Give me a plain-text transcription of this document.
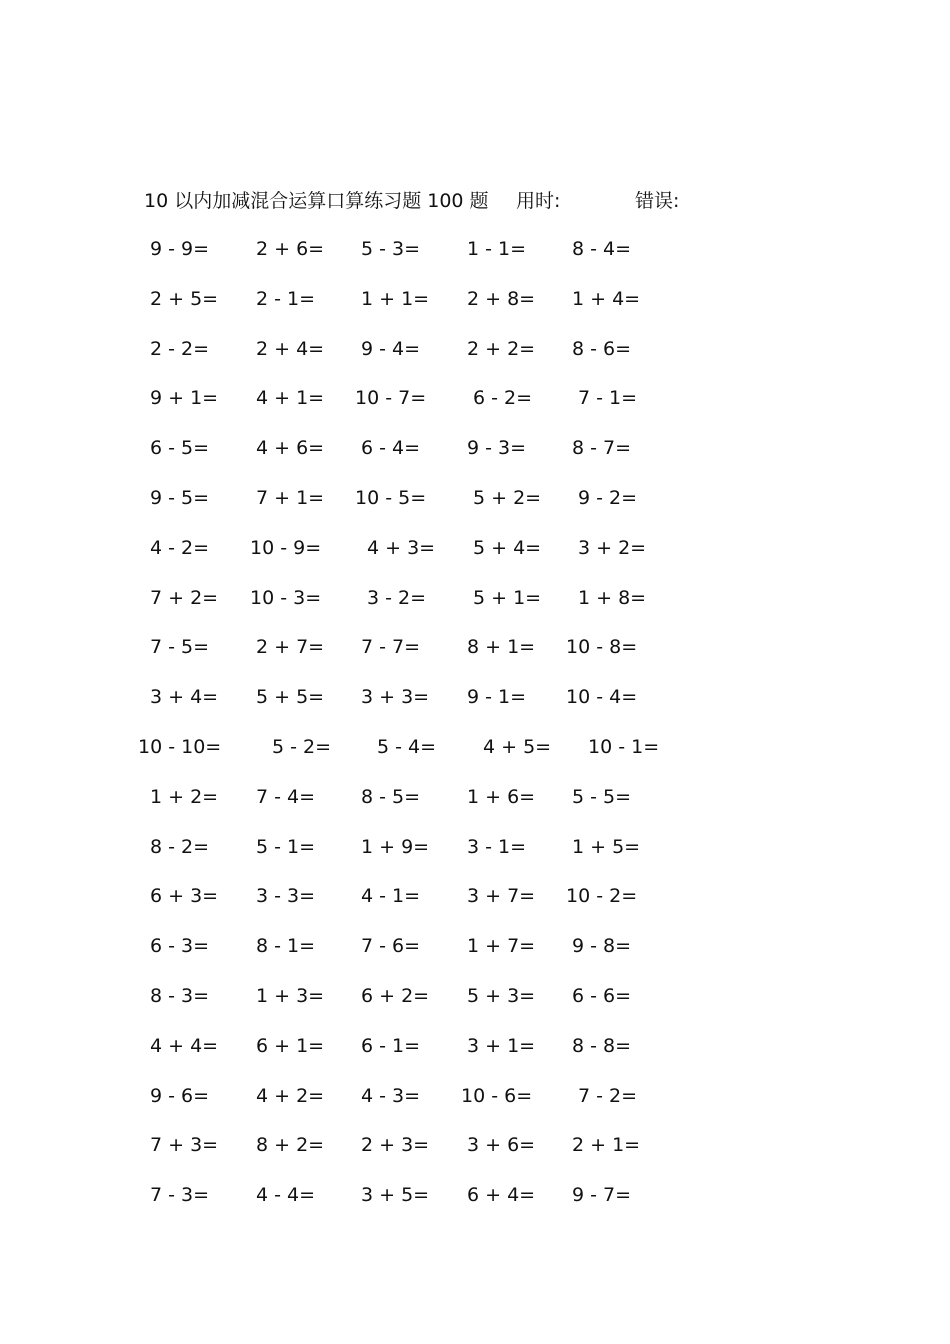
10 以内加减混合运算口算练习题 100 题 用时:	错误:
9 - 9=	2 + 6=	5 - 3=	1 - 1=	8 - 4=
2 + 5=	2 - 1=	1 + 1=	2 + 8=	1 + 4=
2 - 2=	2 + 4=	9 - 4=	2 + 2=	8 - 6=
9 + 1=	4 + 1=	10 - 7=	6 - 2=	7 - 1=
6 - 5=	4 + 6=	6 - 4=	9 - 3=	8 - 7=
9 - 5=	7 + 1=	10 - 5=	5 + 2=	9 - 2=
4 - 2=	10 - 9=	4 + 3=	5 + 4=	3 + 2=
7 + 2=	10 - 3=	3 - 2=	5 + 1=	1 + 8=
7 - 5=	2 + 7=	7 - 7=	8 + 1=	10 - 8=
3 + 4=	5 + 5=	3 + 3=	9 - 1=	10 - 4=
10 - 10=	5 - 2=	5 - 4=	4 + 5=	10 - 1=
1 + 2=	7 - 4=	8 - 5=	1 + 6=	5 - 5=
8 - 2=	5 - 1=	1 + 9=	3 - 1=	1 + 5=
6 + 3=	3 - 3=	4 - 1=	3 + 7=	10 - 2=
6 - 3=	8 - 1=	7 - 6=	1 + 7=	9 - 8=
8 - 3=	1 + 3=	6 + 2=	5 + 3=	6 - 6=
4 + 4=	6 + 1=	6 - 1=	3 + 1=	8 - 8=
9 - 6=	4 + 2=	4 - 3=	10 - 6=	7 - 2=
7 + 3=	8 + 2=	2 + 3=	3 + 6=	2 + 1=
7 - 3=	4 - 4=	3 + 5=	6 + 4=	9 - 7=
